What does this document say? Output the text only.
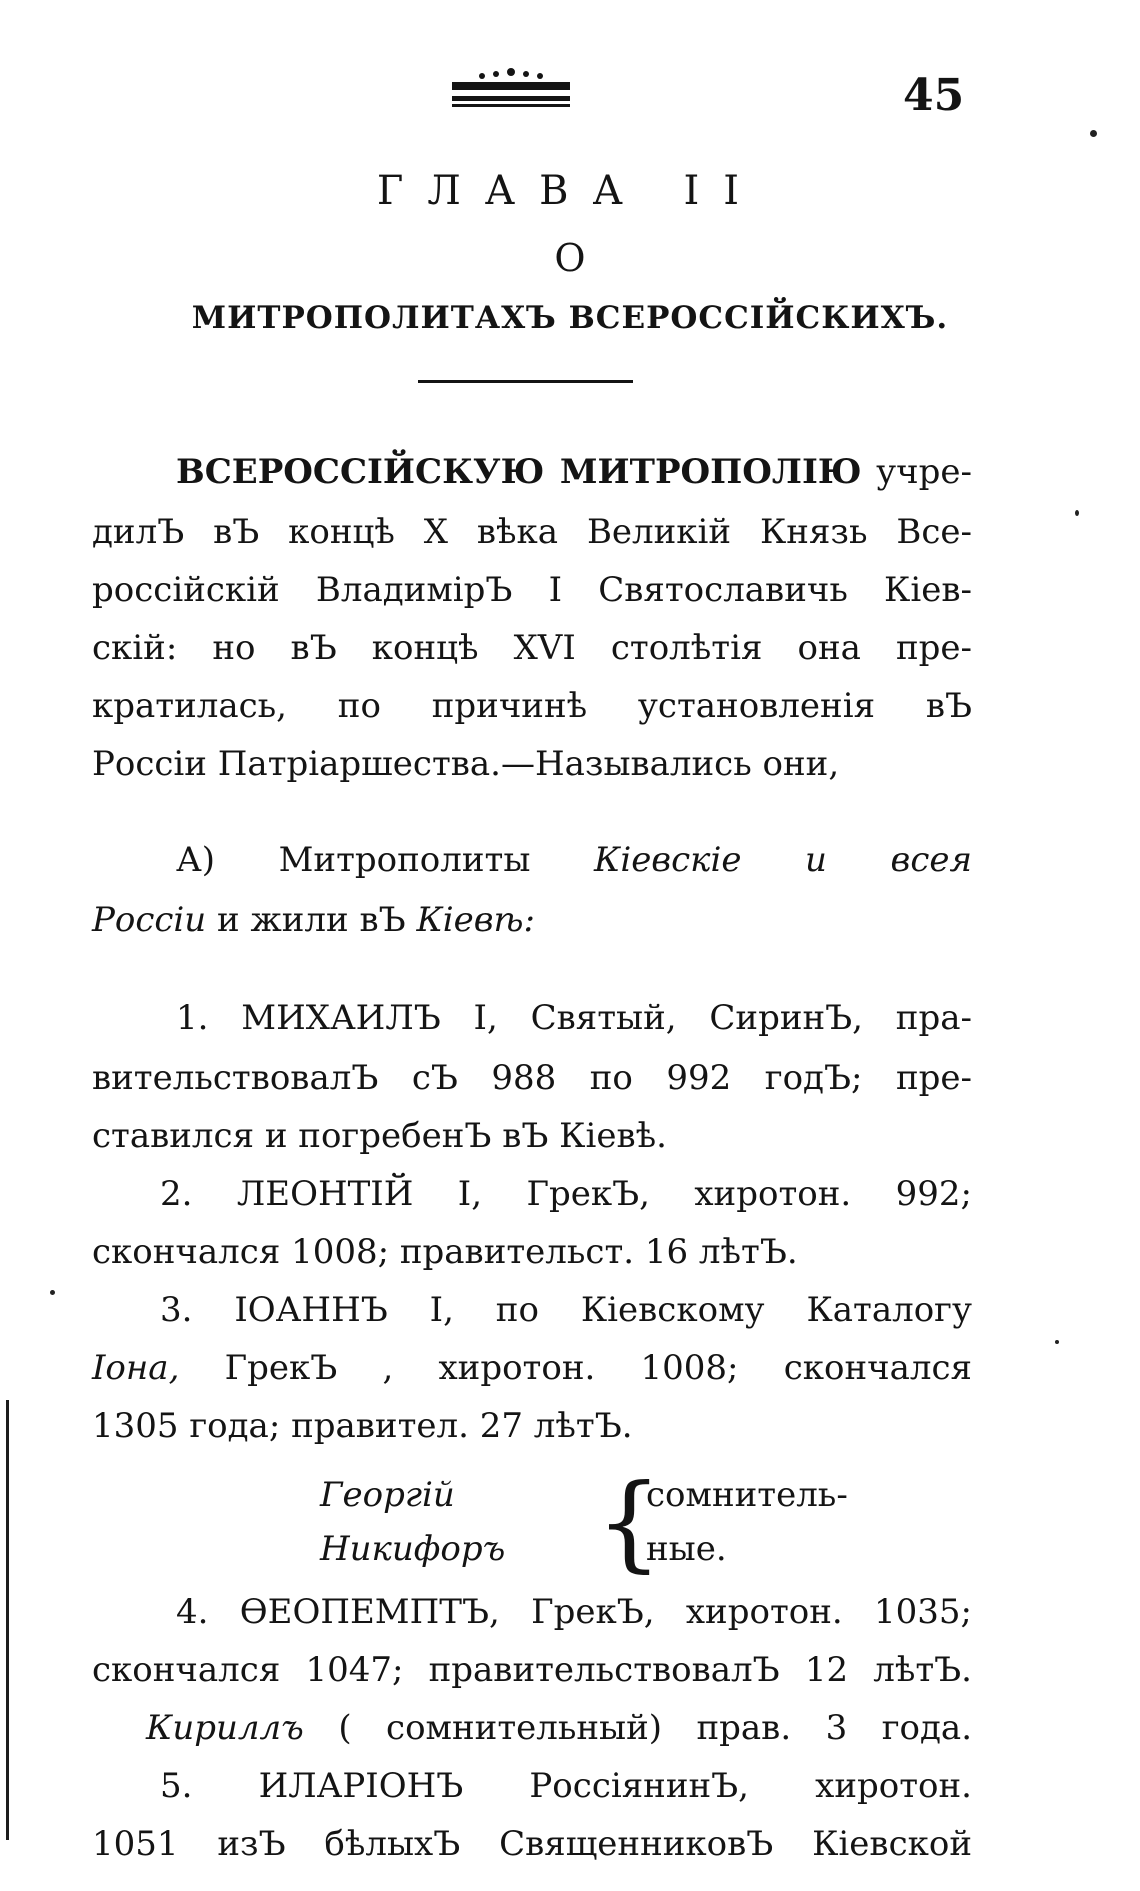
45
ГЛАВА II
О
МИТРОПОЛИТАХЪ ВСЕРОССІЙСКИХЪ.
ВСЕРОССІЙСКУЮ МИТРОПОЛІЮ учре-
дилЪ вЪ концѣ Х вѣка Великій Князь Все-
россійскій ВладимірЪ I Святославичь Кіев-
скій: но вЪ концѣ XVI столѣтія она пре-
кратилась, по причинѣ установленія вЪ
Россіи Патріаршества.—Назывались они,
А) Митрополиты Кіевскіе и всея
Россіи и жили вЪ Кіевѣ:
1. МИХАИЛЪ I, Святый, СиринЪ, пра-
вительствовалЪ сЪ 988 по 992 годЪ; пре-
ставился и погребенЪ вЪ Кіевѣ.
2. ЛЕОНТІЙ I, ГрекЪ, хиротон. 992;
скончался 1008; правительст. 16 лѣтЪ.
3. ІОАННЪ I, по Кіевскому Каталогу
Іона, ГрекЪ , хиротон. 1008; скончался
1305 года; правител. 27 лѣтЪ.
Георгій
Никифоръ {
сомнитель-
ные.
4. ѲЕОПЕМПТЪ, ГрекЪ, хиротон. 1035;
скончался 1047; правительствовалЪ 12 лѣтЪ.
Кириллъ ( сомнительный) прав. 3 года.
5. ИЛАРІОНЪ РоссіянинЪ, хиротон.
1051 изЪ бѣлыхЪ СвященниковЪ Кіевской
